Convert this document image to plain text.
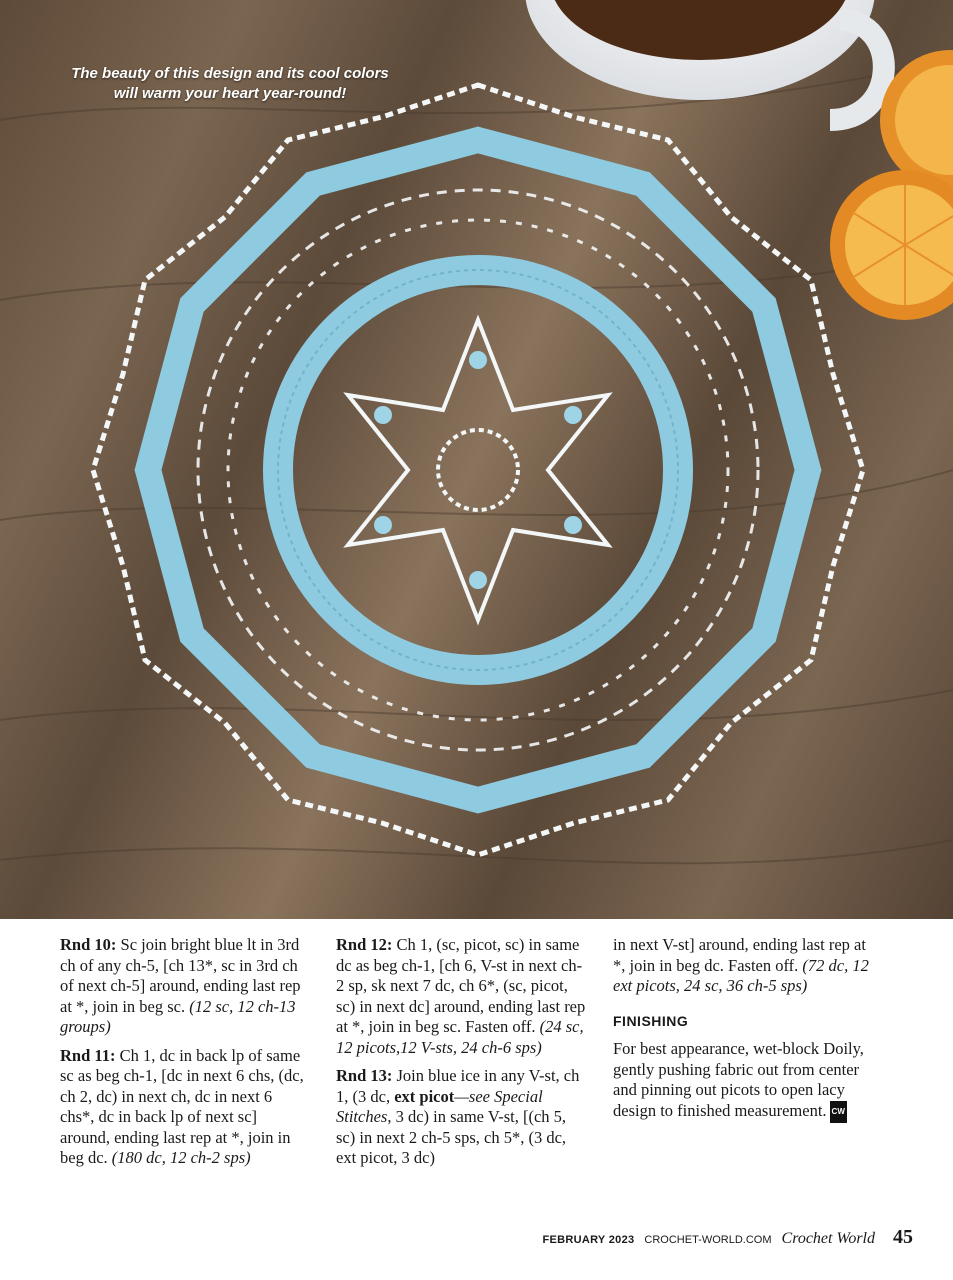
The beauty of this design and its cool colors
will warm your heart year-round!

Rnd 10: Sc join bright blue lt in 3rd ch of any ch-5, [ch 13*, sc in 3rd ch of next ch-5] around, ending last rep at *, join in beg sc. (12 sc, 12 ch-13 groups)

Rnd 11: Ch 1, dc in back lp of same sc as beg ch-1, [dc in next 6 chs, (dc, ch 2, dc) in next ch, dc in next 6 chs*, dc in back lp of next sc] around, ending last rep at *, join in beg dc. (180 dc, 12 ch-2 sps)

Rnd 12: Ch 1, (sc, picot, sc) in same dc as beg ch-1, [ch 6, V-st in next ch-2 sp, sk next 7 dc, ch 6*, (sc, picot, sc) in next dc] around, ending last rep at *, join in beg sc. Fasten off. (24 sc, 12 picots,12 V-sts, 24 ch-6 sps)

Rnd 13: Join blue ice in any V-st, ch 1, (3 dc, ext picot—see Special Stitches, 3 dc) in same V-st, [(ch 5, sc) in next 2 ch-5 sps, ch 5*, (3 dc, ext picot, 3 dc)

in next V-st] around, ending last rep at *, join in beg dc. Fasten off. (72 dc, 12 ext picots, 24 sc, 36 ch-5 sps)

FINISHING

For best appearance, wet-block Doily, gently pushing fabric out from center and pinning out picots to open lacy design to finished measurement. CW

FEBRUARY 2023 CROCHET-WORLD.COM Crochet World 45
